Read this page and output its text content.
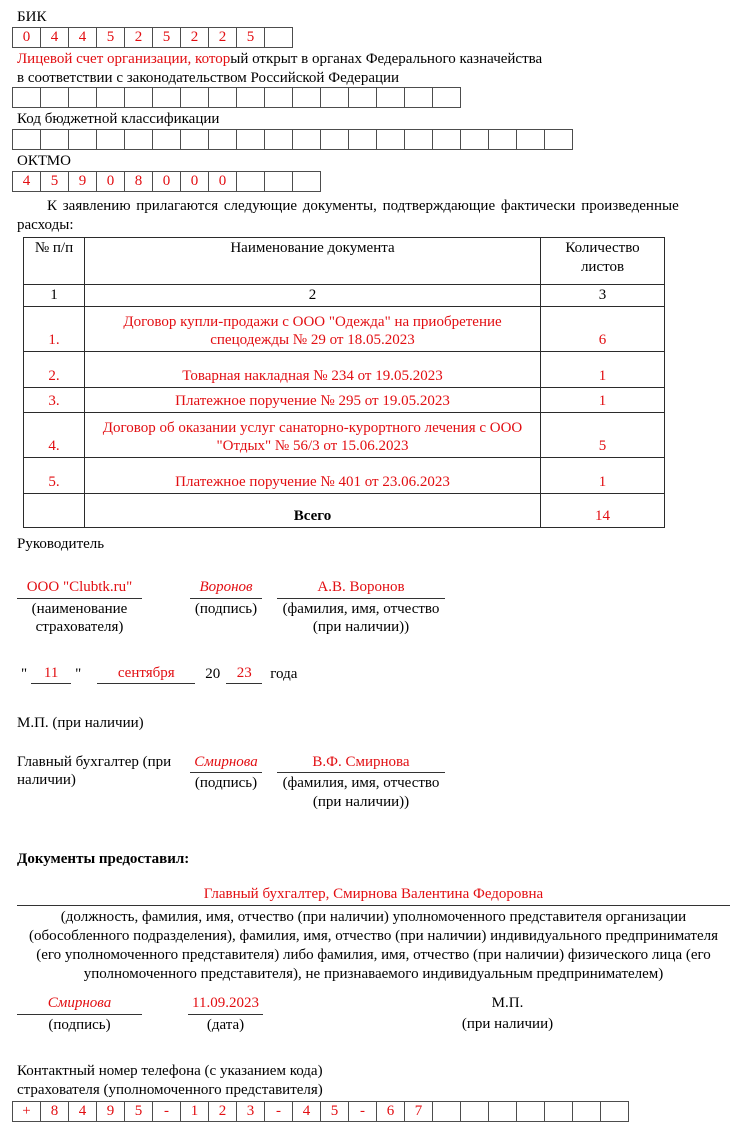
БИК
0	4	4	5	2	5	2	2	5
Лицевой счет организации, который открыт в органах Федерального казначейства
в соответствии с законодательством Российской Федерации
Код бюджетной классификации
ОКТМО
4	5	9	0	8	0	0	0
К заявлению прилагаются следующие документы, подтверждающие фактически произведенные
расходы:
№ п/п	Наименование документа	Количество листов
1	2	3
1.	Договор купли-продажи с ООО "Одежда" на приобретение спецодежды № 29 от 18.05.2023	6
2.	Товарная накладная № 234 от 19.05.2023	1
3.	Платежное поручение № 295 от 19.05.2023	1
4.	Договор об оказании услуг санаторно-курортного лечения с ООО "Отдых" № 56/3 от 15.06.2023	5
5.	Платежное поручение № 401 от 23.06.2023	1
	Всего	14
Руководитель
ООО "Clubtk.ru"
(наименование страхователя)
Воронов
(подпись)
А.В. Воронов
(фамилия, имя, отчество (при наличии))
"	11	"	сентября	20	23	года
М.П. (при наличии)
Главный бухгалтер (при наличии)
Смирнова
(подпись)
В.Ф. Смирнова
(фамилия, имя, отчество (при наличии))
Документы предоставил:
Главный бухгалтер, Смирнова Валентина Федоровна
(должность, фамилия, имя, отчество (при наличии) уполномоченного представителя организации (обособленного подразделения), фамилия, имя, отчество (при наличии) индивидуального предпринимателя (его уполномоченного представителя) либо фамилия, имя, отчество (при наличии) физического лица (его уполномоченного представителя), не признаваемого индивидуальным предпринимателем)
Смирнова
(подпись)
11.09.2023
(дата)
М.П.
(при наличии)
Контактный номер телефона (с указанием кода)
страхователя (уполномоченного представителя)
+	8	4	9	5	-	1	2	3	-	4	5	-	6	7
